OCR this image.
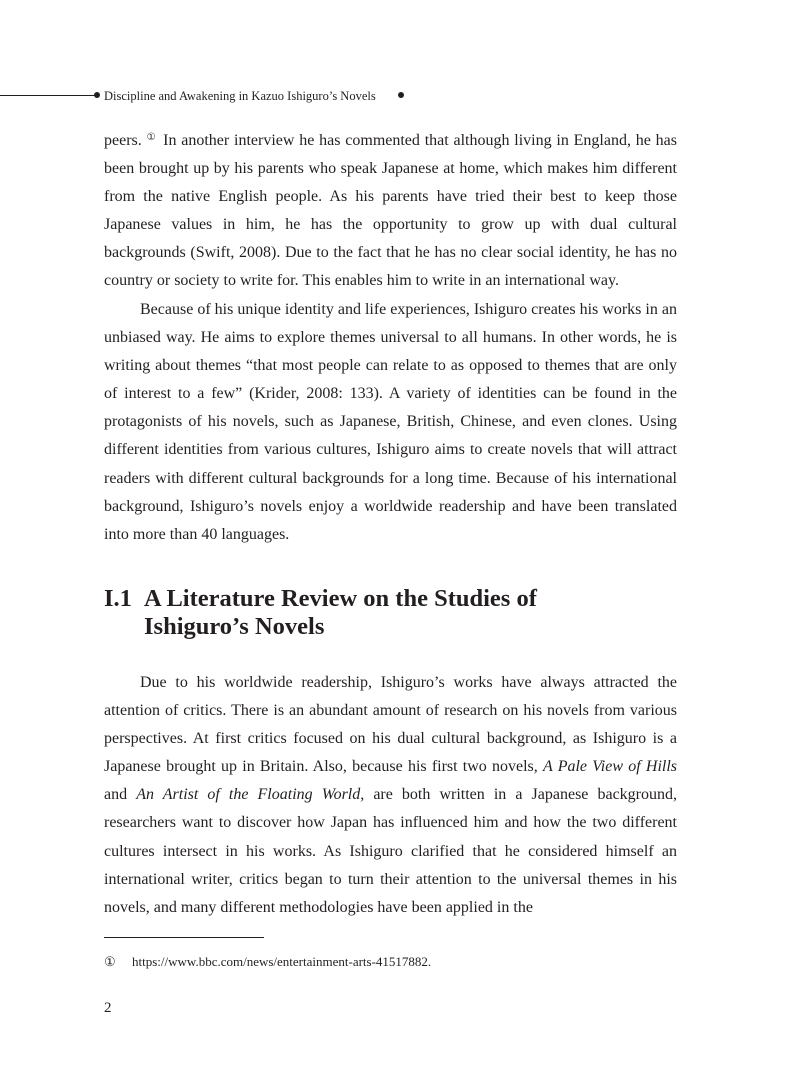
Discipline and Awakening in Kazuo Ishiguro’s Novels

peers. ① In another interview he has commented that although living in England, he has been brought up by his parents who speak Japanese at home, which makes him different from the native English people. As his parents have tried their best to keep those Japanese values in him, he has the opportunity to grow up with dual cultural backgrounds (Swift, 2008). Due to the fact that he has no clear social identity, he has no country or society to write for. This enables him to write in an international way.

Because of his unique identity and life experiences, Ishiguro creates his works in an unbiased way. He aims to explore themes universal to all humans. In other words, he is writing about themes “that most people can relate to as opposed to themes that are only of interest to a few” (Krider, 2008: 133). A variety of identities can be found in the protagonists of his novels, such as Japanese, British, Chinese, and even clones. Using different identities from various cultures, Ishiguro aims to create novels that will attract readers with different cultural backgrounds for a long time. Because of his international background, Ishiguro’s novels enjoy a worldwide readership and have been translated into more than 40 languages.

I.1 A Literature Review on the Studies of
Ishiguro’s Novels

Due to his worldwide readership, Ishiguro’s works have always attracted the attention of critics. There is an abundant amount of research on his novels from various perspectives. At first critics focused on his dual cultural background, as Ishiguro is a Japanese brought up in Britain. Also, because his first two novels, A Pale View of Hills and An Artist of the Floating World, are both written in a Japanese background, researchers want to discover how Japan has influenced him and how the two different cultures intersect in his works. As Ishiguro clarified that he considered himself an international writer, critics began to turn their attention to the universal themes in his novels, and many different methodologies have been applied in the

① https://www.bbc.com/news/entertainment-arts-41517882.
2
